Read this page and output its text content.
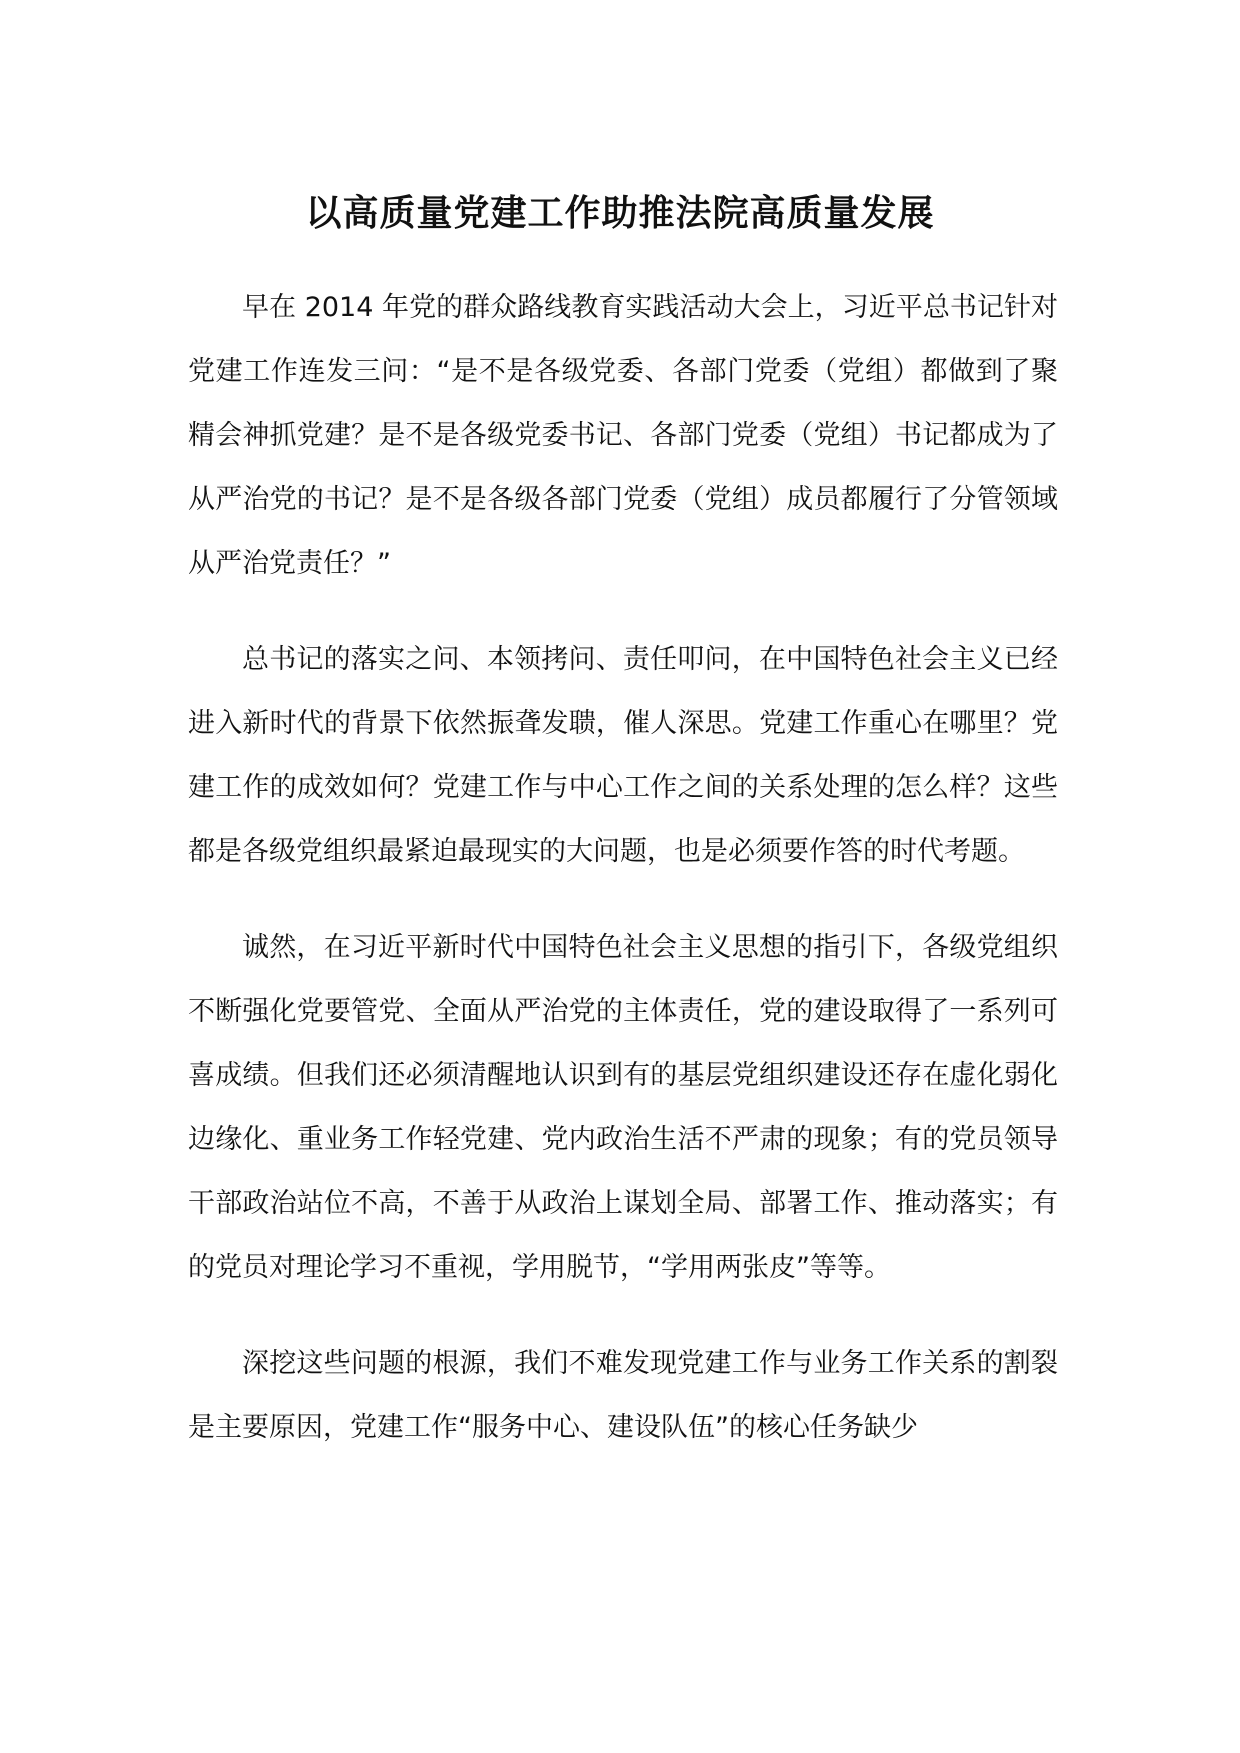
以高质量党建工作助推法院高质量发展

早在 2014 年党的群众路线教育实践活动大会上，习近平总书记针对党建工作连发三问：“是不是各级党委、各部门党委（党组）都做到了聚精会神抓党建？是不是各级党委书记、各部门党委（党组）书记都成为了从严治党的书记？是不是各级各部门党委（党组）成员都履行了分管领域从严治党责任？”

总书记的落实之问、本领拷问、责任叩问，在中国特色社会主义已经进入新时代的背景下依然振聋发聩，催人深思。党建工作重心在哪里？党建工作的成效如何？党建工作与中心工作之间的关系处理的怎么样？这些都是各级党组织最紧迫最现实的大问题，也是必须要作答的时代考题。

诚然，在习近平新时代中国特色社会主义思想的指引下，各级党组织不断强化党要管党、全面从严治党的主体责任，党的建设取得了一系列可喜成绩。但我们还必须清醒地认识到有的基层党组织建设还存在虚化弱化边缘化、重业务工作轻党建、党内政治生活不严肃的现象；有的党员领导干部政治站位不高，不善于从政治上谋划全局、部署工作、推动落实；有的党员对理论学习不重视，学用脱节，“学用两张皮”等等。

深挖这些问题的根源，我们不难发现党建工作与业务工作关系的割裂是主要原因，党建工作“服务中心、建设队伍”的核心任务缺少
